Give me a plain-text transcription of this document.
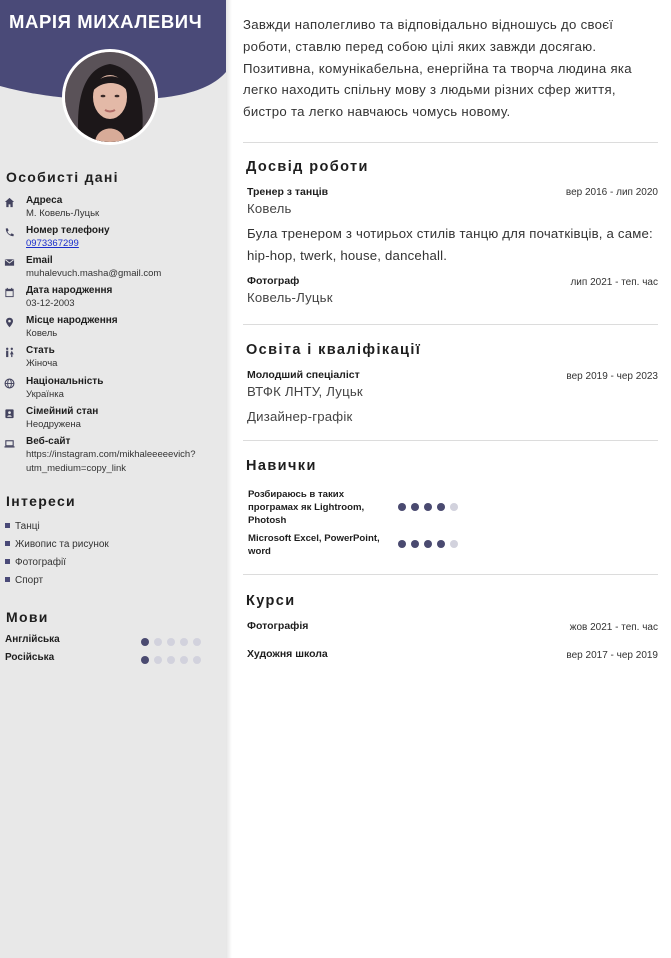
МАРІЯ МИХАЛЕВИЧ
Особисті дані
Адреса
М. Ковель-Луцьк
Номер телефону
0973367299
Email
muhalevuch.masha@gmail.com
Дата народження
03-12-2003
Місце народження
Ковель
Стать
Жіноча
Національність
Українка
Сімейний стан
Неодружена
Веб-сайт
https://instagram.com/mikhaleeeeevich?
utm_medium=copy_link
Інтереси
Танці
Живопис та рисунок
Фотографії
Спорт
Мови
Англійська
Російська
Завжди наполегливо та відповідально відношусь до своєї роботи, ставлю перед собою цілі яких завжди досягаю. Позитивна, комунікабельна, енергійна та творча людина яка легко находить спільну мову з людьми різних сфер життя, бистро та легко навчаюсь чомусь новому.
Досвід роботи
Тренер з танців	вер 2016 - лип 2020
Ковель
Була тренером з чотирьох стилів танцю для початківців, а саме: hip-hop, twerk, house, dancehall.
Фотограф	лип 2021 - теп. час
Ковель-Луцьк
Освіта і кваліфікації
Молодший спеціаліст	вер 2019 - чер 2023
ВТФК ЛНТУ, Луцьк
Дизайнер-графік
Навички
Розбираюсь в таких програмах як Lightroom, Photosh
Microsoft Excel, PowerPoint, word
Курси
Фотографія	жов 2021 - теп. час
Художня школа	вер 2017 - чер 2019
